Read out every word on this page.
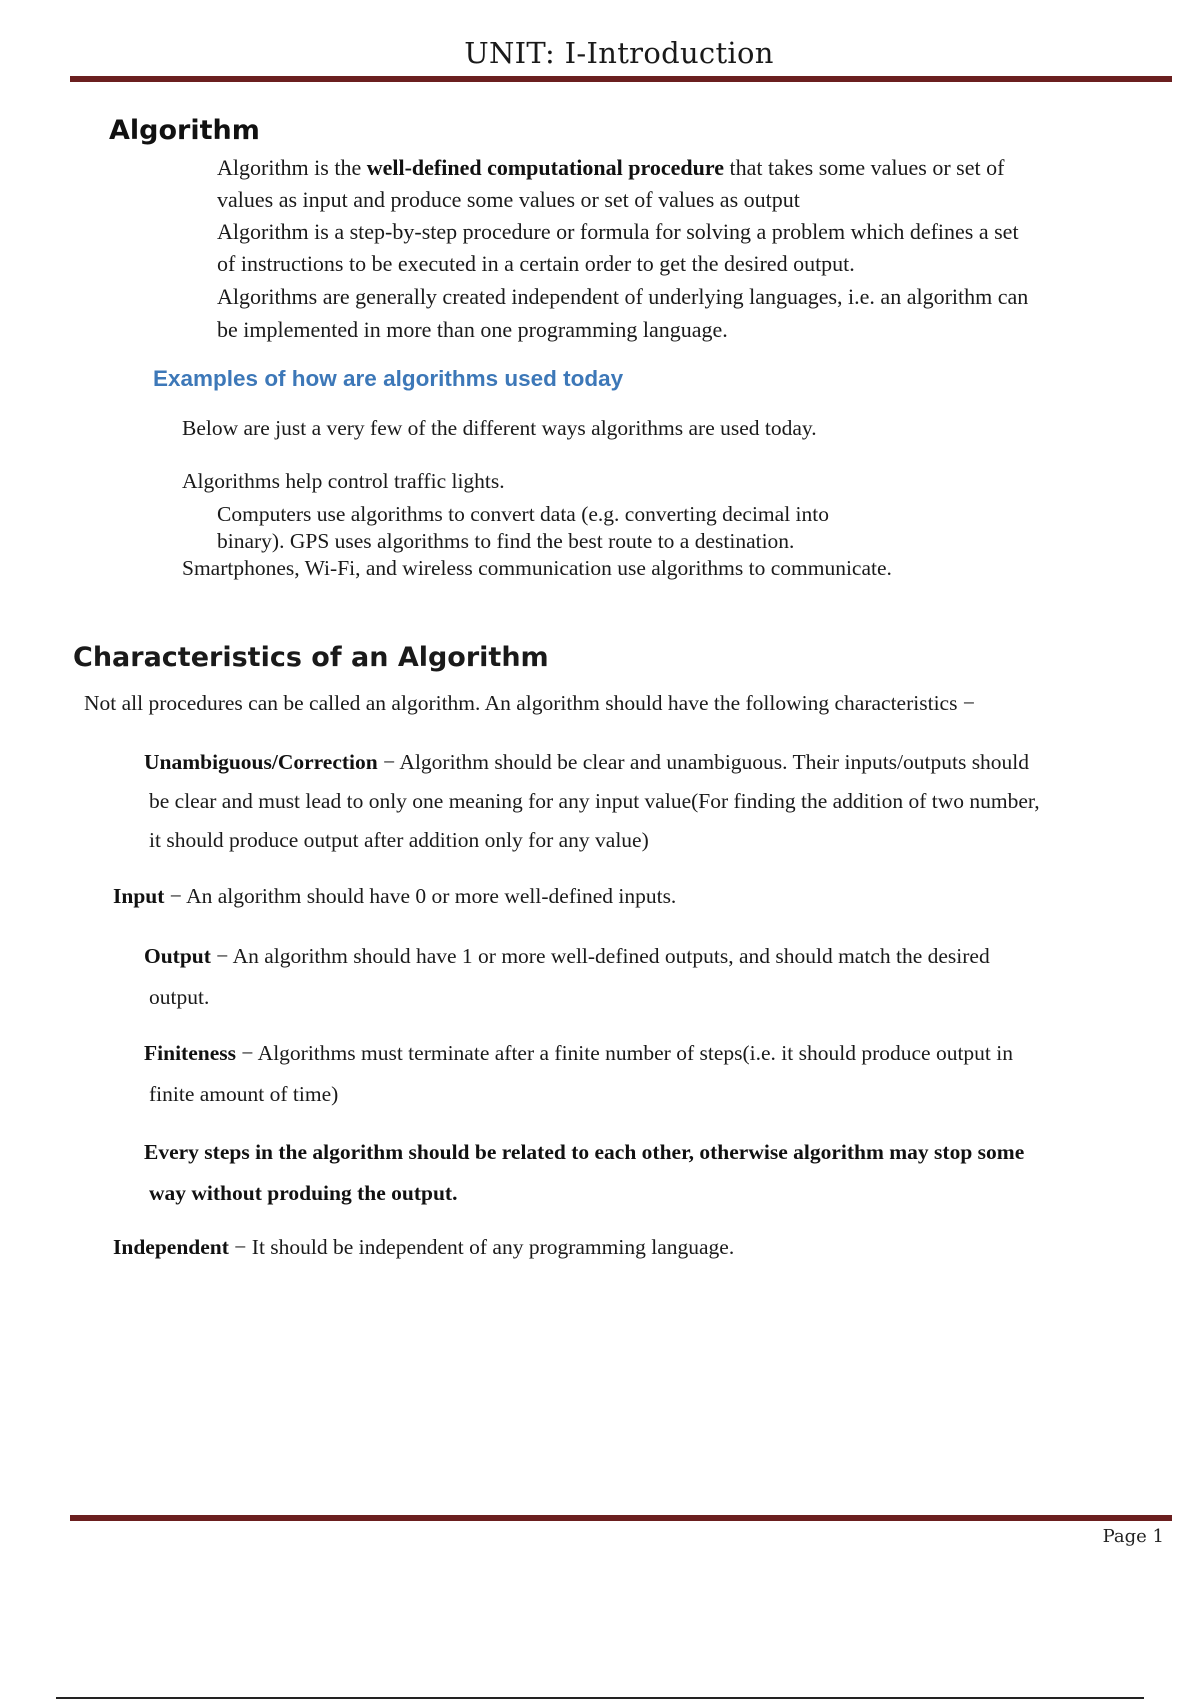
UNIT: I-Introduction
Algorithm

Algorithm is the well-defined computational procedure that takes some values or set of

values as input and produce some values or set of values as output

Algorithm is a step-by-step procedure or formula for solving a problem which defines a set

of instructions to be executed in a certain order to get the desired output.

Algorithms are generally created independent of underlying languages, i.e. an algorithm can

be implemented in more than one programming language.

Examples of how are algorithms used today

Below are just a very few of the different ways algorithms are used today.

Algorithms help control traffic lights.

Computers use algorithms to convert data (e.g. converting decimal into

binary). GPS uses algorithms to find the best route to a destination.

Smartphones, Wi-Fi, and wireless communication use algorithms to communicate.

Characteristics of an Algorithm

Not all procedures can be called an algorithm. An algorithm should have the following characteristics −

Unambiguous/Correction − Algorithm should be clear and unambiguous. Their inputs/outputs should

be clear and must lead to only one meaning for any input value(For finding the addition of two number,

it should produce output after addition only for any value)

Input − An algorithm should have 0 or more well-defined inputs.

Output − An algorithm should have 1 or more well-defined outputs, and should match the desired

output.

Finiteness − Algorithms must terminate after a finite number of steps(i.e. it should produce output in

finite amount of time)

Every steps in the algorithm should be related to each other, otherwise algorithm may stop some

way without produing the output.

Independent − It should be independent of any programming language.

Page 1
